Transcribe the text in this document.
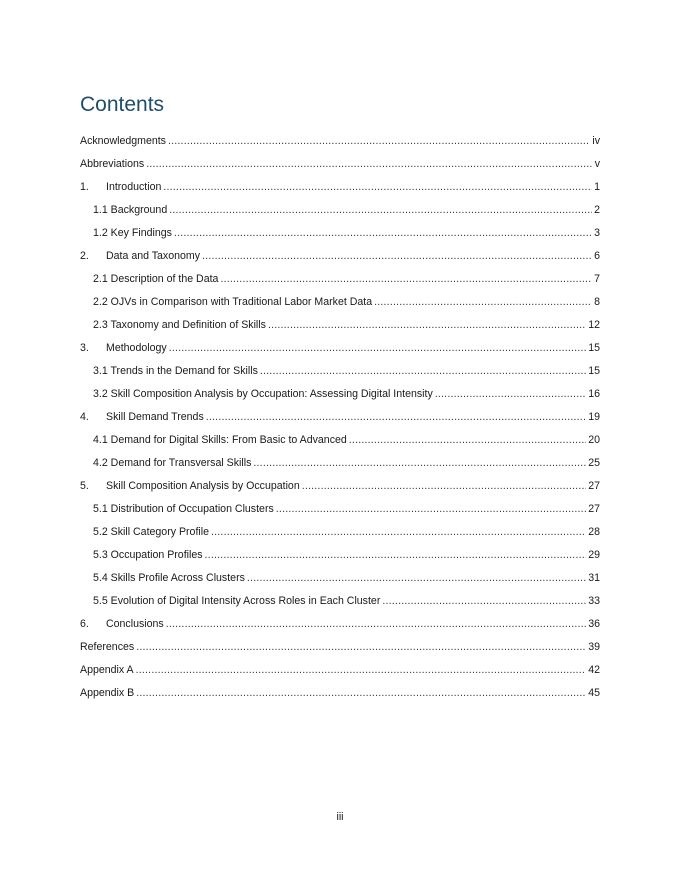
Contents
Acknowledgments .....	iv
Abbreviations .....	v
1.	Introduction .....	1
1.1 Background .....	2
1.2 Key Findings .....	3
2.	Data and Taxonomy .....	6
2.1 Description of the Data .....	7
2.2 OJVs in Comparison with Traditional Labor Market Data .....	8
2.3 Taxonomy and Definition of Skills .....	12
3.	Methodology .....	15
3.1 Trends in the Demand for Skills .....	15
3.2 Skill Composition Analysis by Occupation: Assessing Digital Intensity .....	16
4.	Skill Demand Trends .....	19
4.1 Demand for Digital Skills: From Basic to Advanced .....	20
4.2 Demand for Transversal Skills .....	25
5.	Skill Composition Analysis by Occupation .....	27
5.1 Distribution of Occupation Clusters .....	27
5.2 Skill Category Profile .....	28
5.3 Occupation Profiles .....	29
5.4 Skills Profile Across Clusters .....	31
5.5 Evolution of Digital Intensity Across Roles in Each Cluster .....	33
6.	Conclusions .....	36
References .....	39
Appendix A .....	42
Appendix B .....	45
iii
